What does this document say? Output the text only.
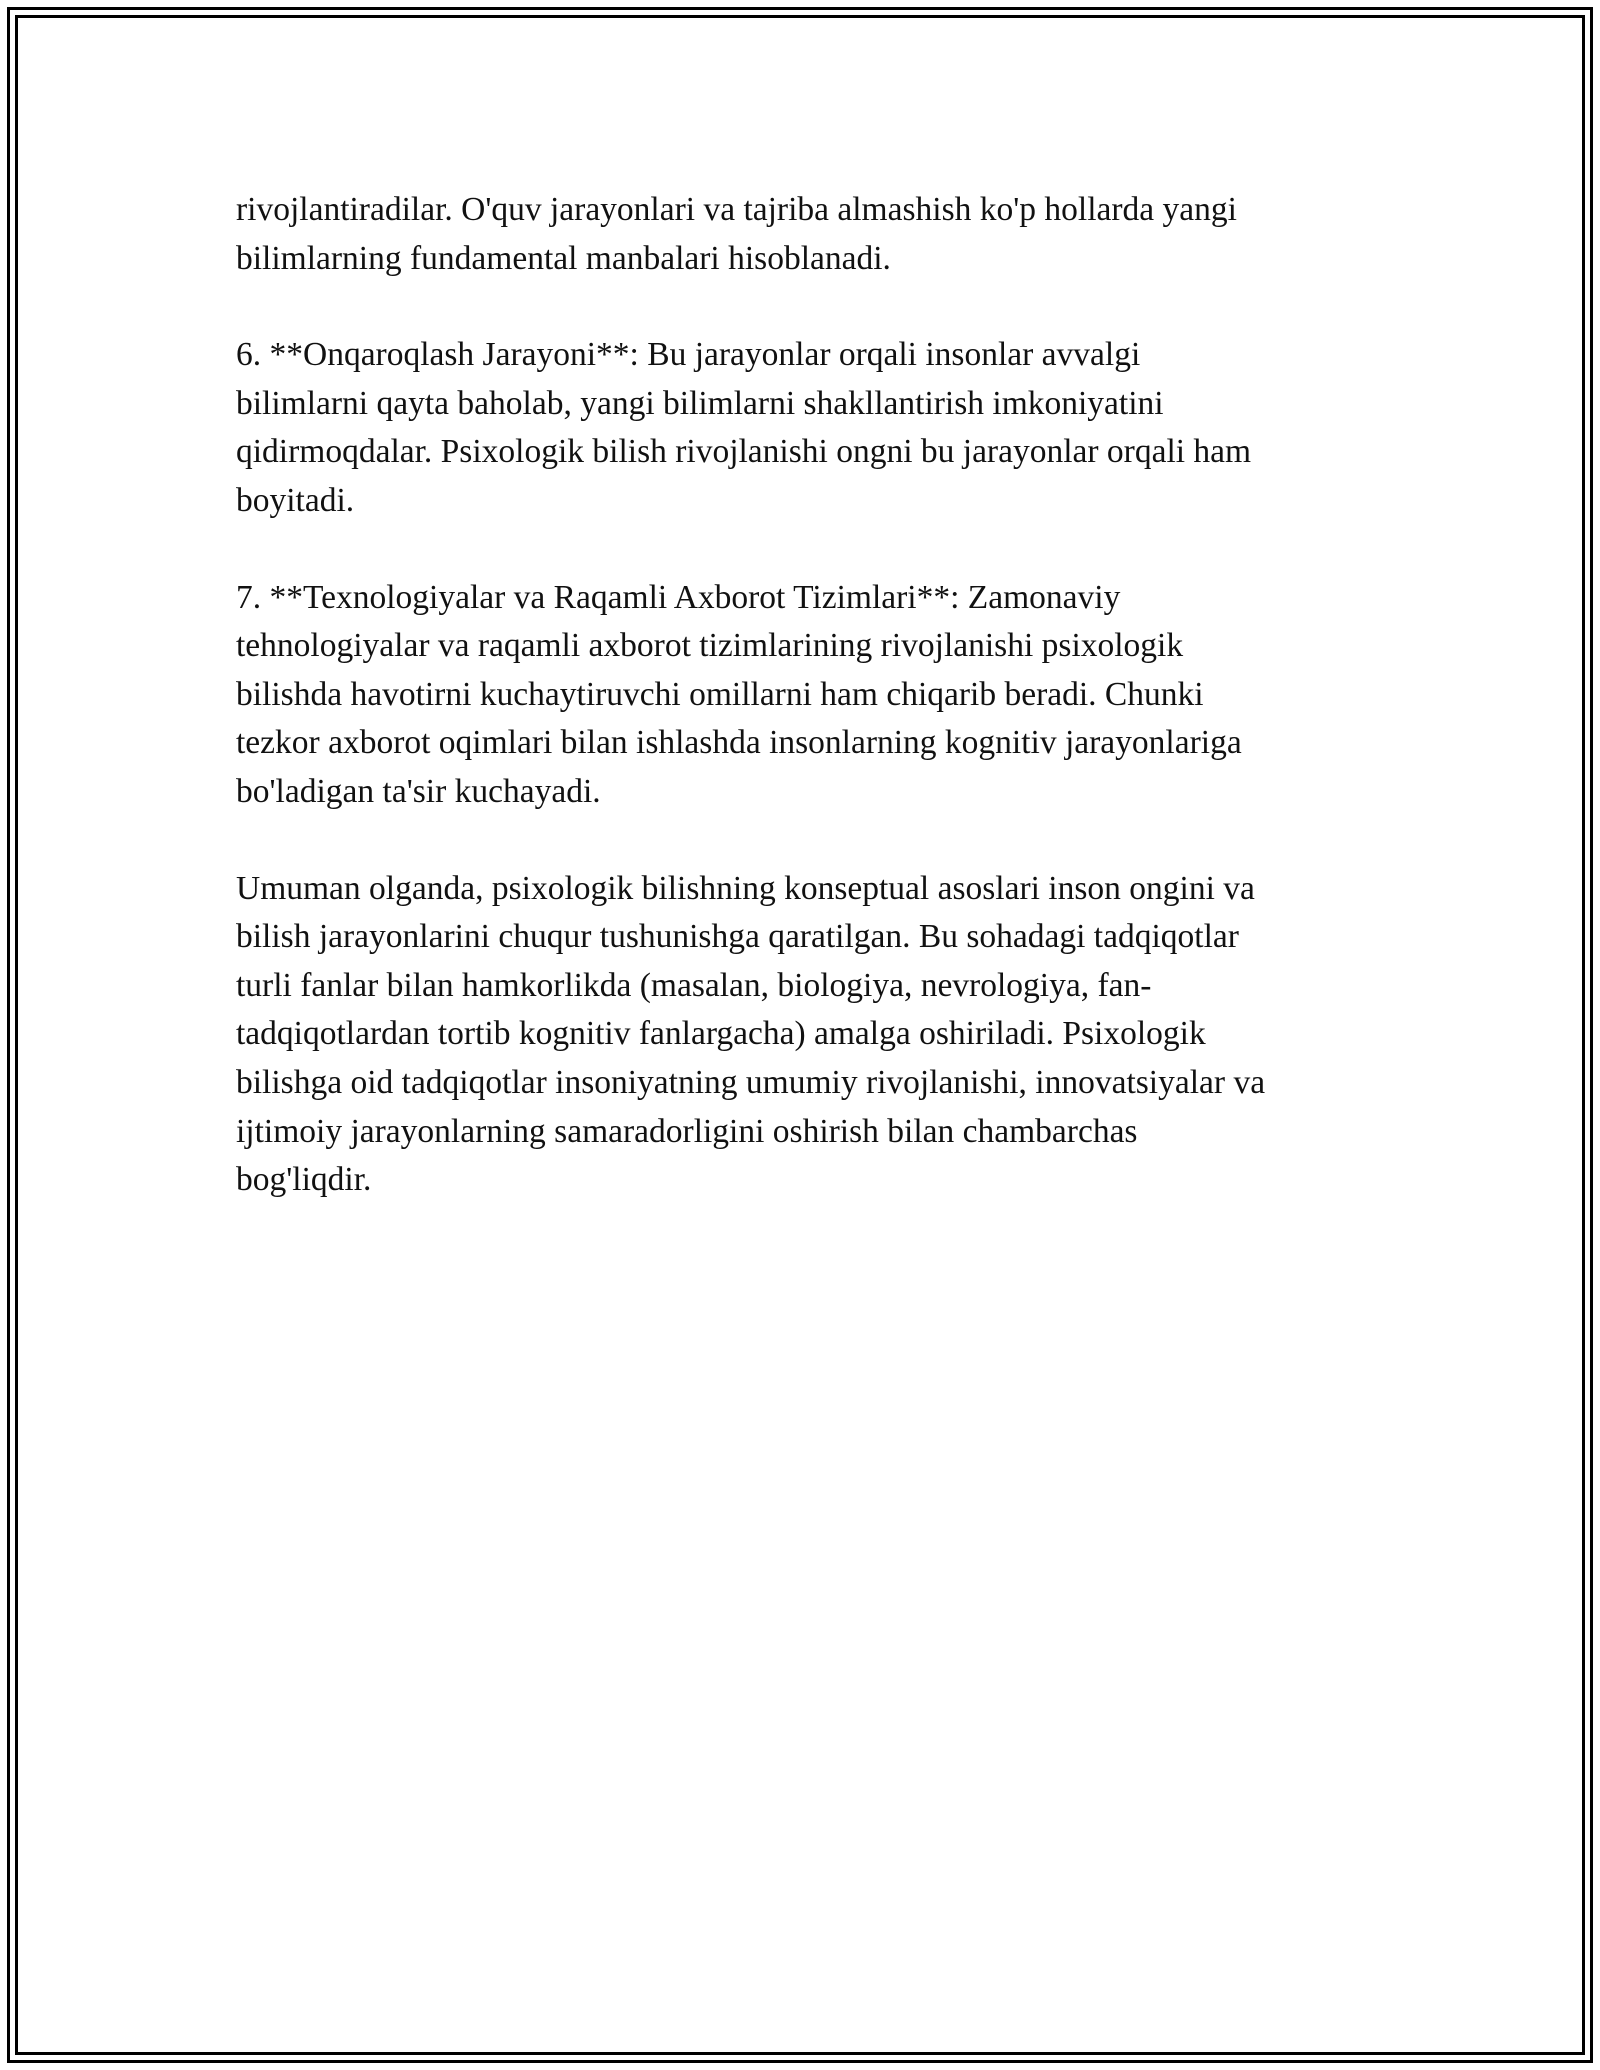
rivojlantiradilar. O'quv jarayonlari va tajriba almashish ko'p hollarda yangi
bilimlarning fundamental manbalari hisoblanadi.

6. **Onqaroqlash Jarayoni**: Bu jarayonlar orqali insonlar avvalgi
bilimlarni qayta baholab, yangi bilimlarni shakllantirish imkoniyatini
qidirmoqdalar. Psixologik bilish rivojlanishi ongni bu jarayonlar orqali ham
boyitadi.

7. **Texnologiyalar va Raqamli Axborot Tizimlari**: Zamonaviy
tehnologiyalar va raqamli axborot tizimlarining rivojlanishi psixologik
bilishda havotirni kuchaytiruvchi omillarni ham chiqarib beradi. Chunki
tezkor axborot oqimlari bilan ishlashda insonlarning kognitiv jarayonlariga
bo'ladigan ta'sir kuchayadi.

Umuman olganda, psixologik bilishning konseptual asoslari inson ongini va
bilish jarayonlarini chuqur tushunishga qaratilgan. Bu sohadagi tadqiqotlar
turli fanlar bilan hamkorlikda (masalan, biologiya, nevrologiya, fan-
tadqiqotlardan tortib kognitiv fanlargacha) amalga oshiriladi. Psixologik
bilishga oid tadqiqotlar insoniyatning umumiy rivojlanishi, innovatsiyalar va
ijtimoiy jarayonlarning samaradorligini oshirish bilan chambarchas
bog'liqdir.
